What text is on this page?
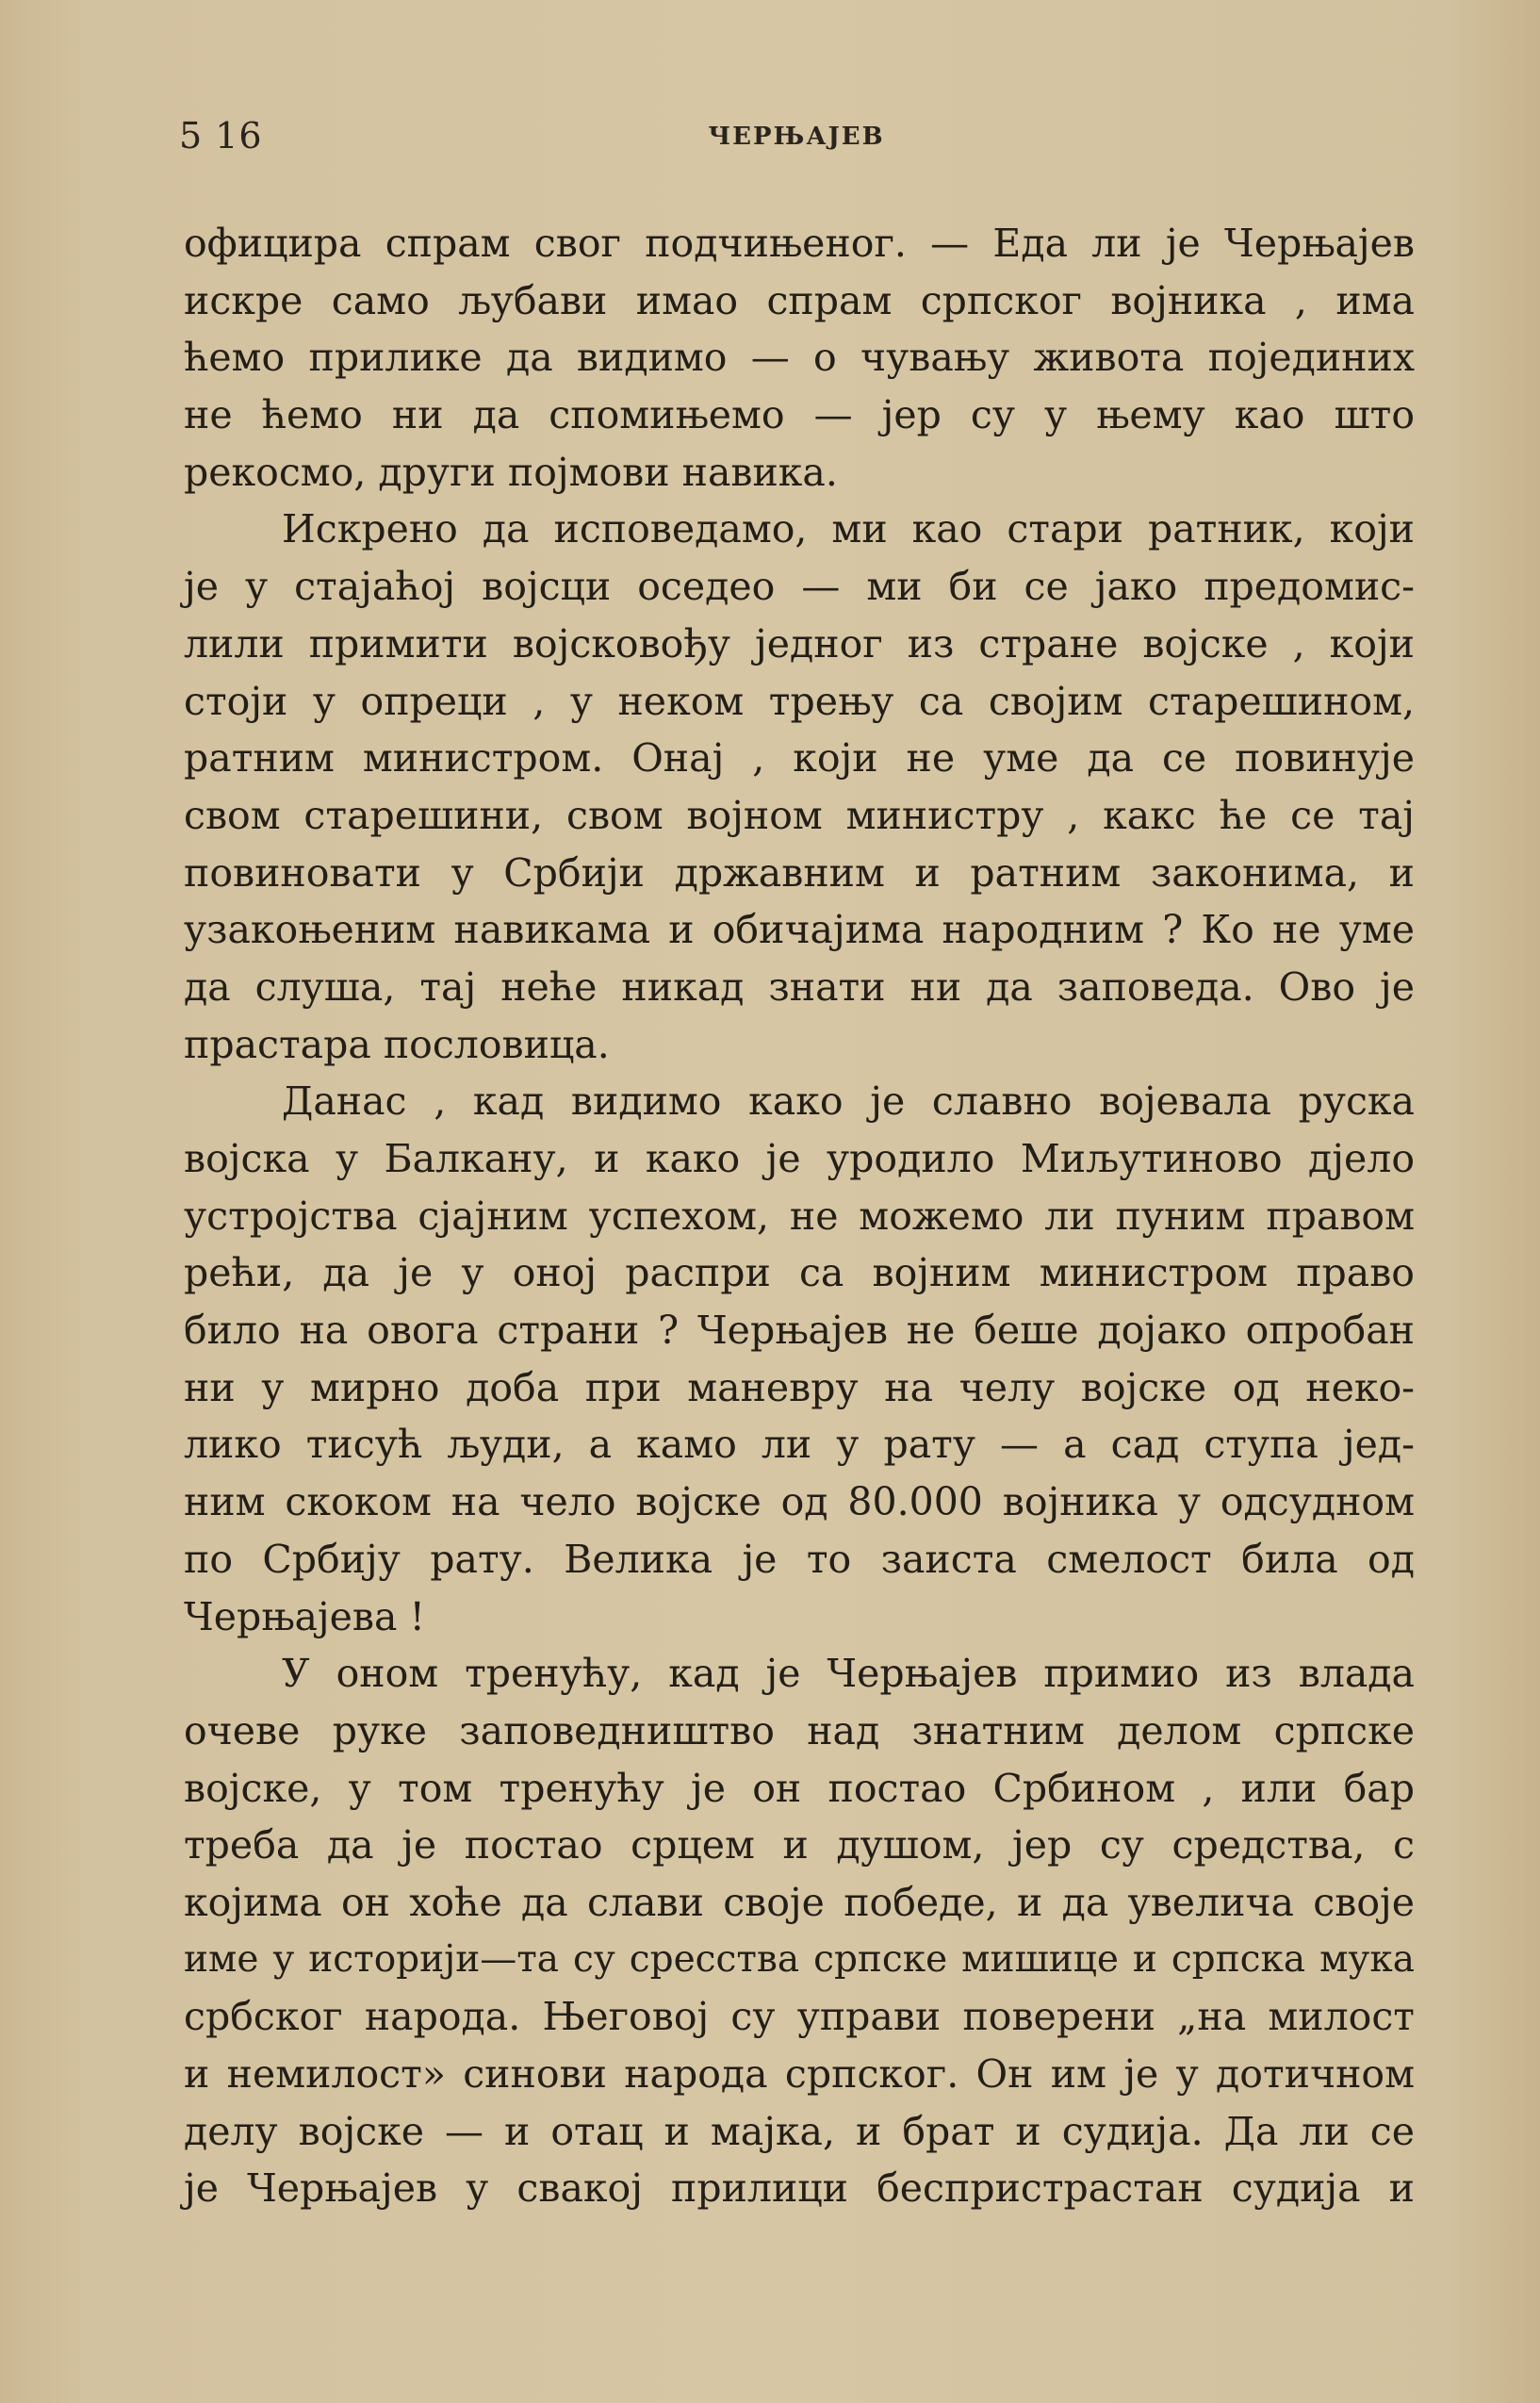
5 16	ЧЕРЊАЈЕВ
официра спрам свог подчињеног. — Еда ли је Черњајев
искре само љубави имао спрам српског војника , има
ћемо прилике да видимо — о чувању живота појединих
не ћемо ни да спомињемо — јер су у њему као што
рекосмо, други појмови навика.
Искрено да исповедамо, ми као стари ратник, који
је у стајаћој војсци оседео — ми би се јако предомис-
лили примити војсковођу једног из стране војске , који
стоји у опреци , у неком трењу са својим старешином,
ратним министром. Онај , који не уме да се повинује
свом старешини, свом војном министру , какс ће се тај
повиновати у Србији државним и ратним законима, и
узакоњеним навикама и обичајима народним ? Ко не уме
да слуша, тај неће никад знати ни да заповеда. Ово је
прастара пословица.
Данас , кад видимо како је славно војевала руска
војска у Балкану, и како је уродило Миљутиново дјело
устројства сјајним успехом, не можемо ли пуним правом
рећи, да је у оној распри са војним министром право
било на овога страни ? Черњајев не беше дојако опробан
ни у мирно доба при маневру на челу војске од неко-
лико тисућ људи, а камо ли у рату — а сад ступа јед-
ним скоком на чело војске од 80.000 војника у одсудном
по Србију рату. Велика је то заиста смелост била од
Черњајева !
У оном тренућу, кад је Черњајев примио из влада
очеве руке заповедништво над знатним делом српске
војске, у том тренућу је он постао Србином , или бар
треба да је постао срцем и душом, јер су средства, с
којима он хоће да слави своје победе, и да увелича своје
име у историји—та су сресства српске мишице и српска мука
србског народа. Његовој су управи поверени „на милост
и немилост» синови народа српског. Он им је у дотичном
делу војске — и отац и мајка, и брат и судија. Да ли се
је Черњајев у свакој прилици беспристрастан судија и
